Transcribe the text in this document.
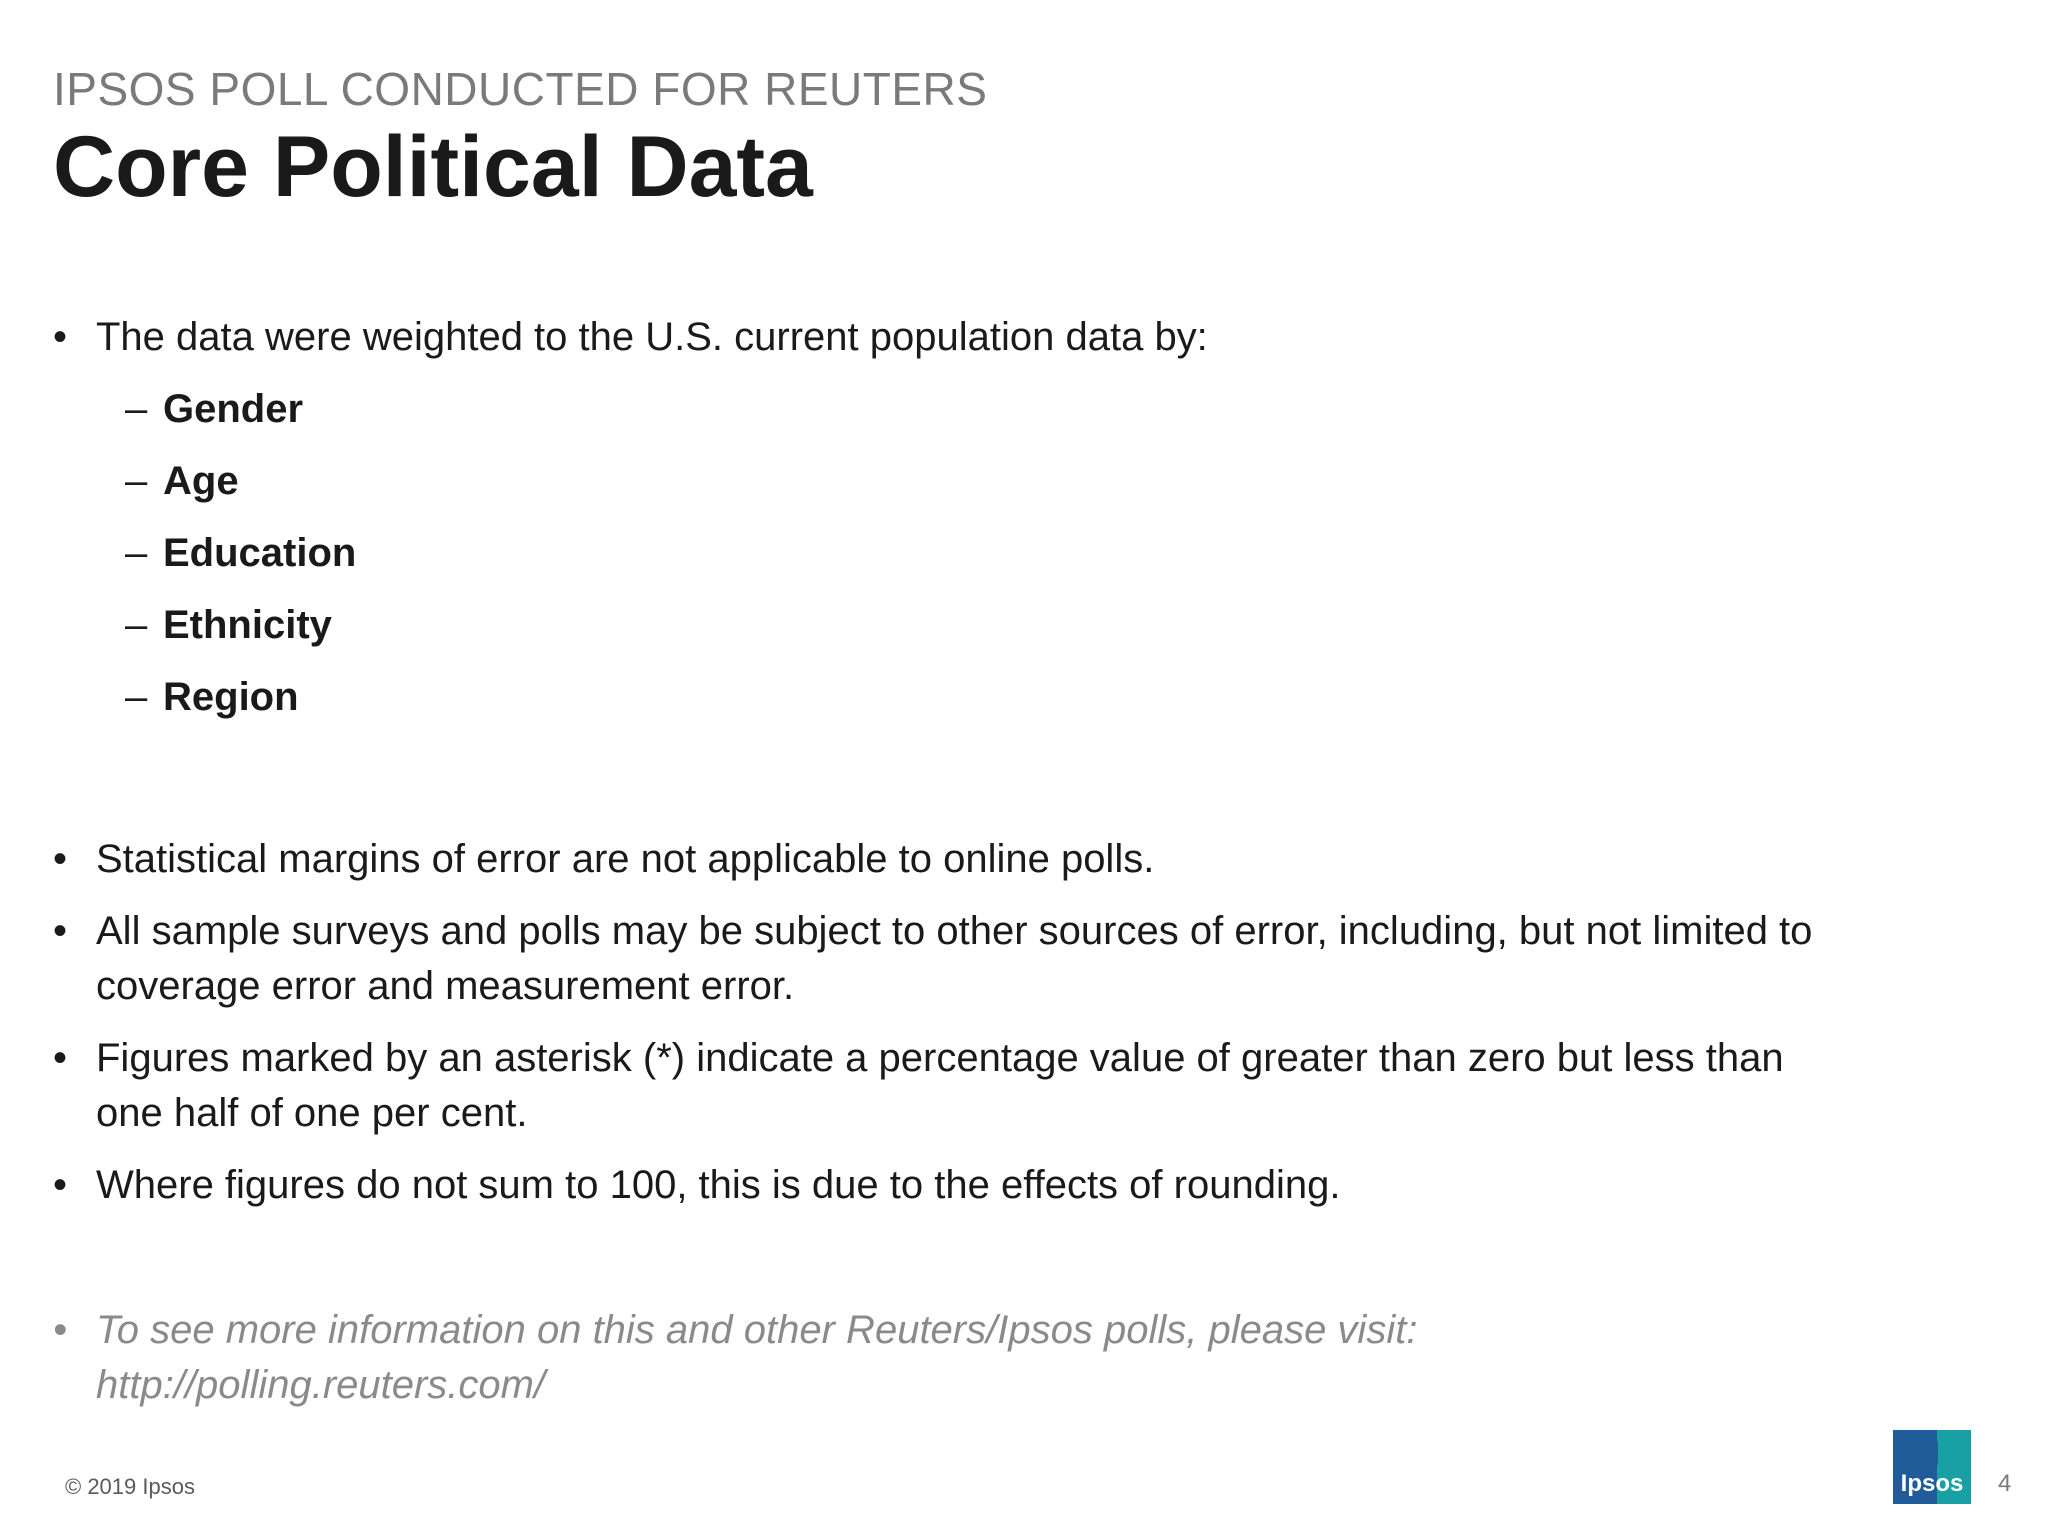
IPSOS POLL CONDUCTED FOR REUTERS
Core Political Data
• The data were weighted to the U.S. current population data by:
– Gender
– Age
– Education
– Ethnicity
– Region
• Statistical margins of error are not applicable to online polls.
• All sample surveys and polls may be subject to other sources of error, including, but not limited to
coverage error and measurement error.
• Figures marked by an asterisk (*) indicate a percentage value of greater than zero but less than
one half of one per cent.
• Where figures do not sum to 100, this is due to the effects of rounding.
• To see more information on this and other Reuters/Ipsos polls, please visit:
http://polling.reuters.com/
© 2019 Ipsos	Ipsos	4
